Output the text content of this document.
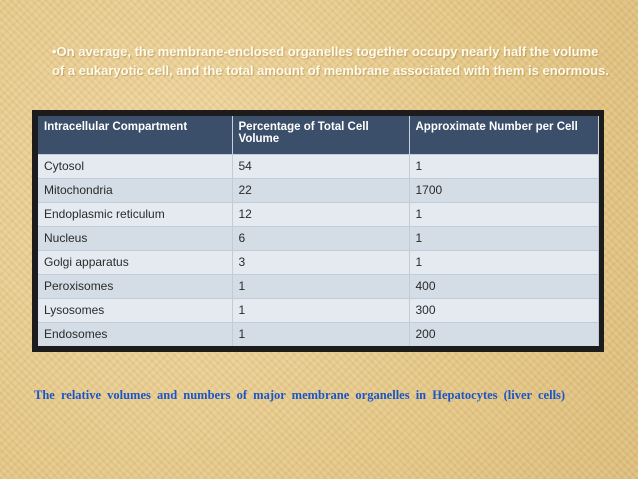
•On average, the membrane-enclosed organelles together occupy nearly half the volume of a eukaryotic cell, and the total amount of membrane associated with them is enormous.
Intracellular Compartment	Percentage of Total Cell Volume	Approximate Number per Cell
Cytosol	54	1
Mitochondria	22	1700
Endoplasmic reticulum	12	1
Nucleus	6	1
Golgi apparatus	3	1
Peroxisomes	1	400
Lysosomes	1	300
Endosomes	1	200
The relative volumes and numbers of major membrane organelles in Hepatocytes (liver cells)
